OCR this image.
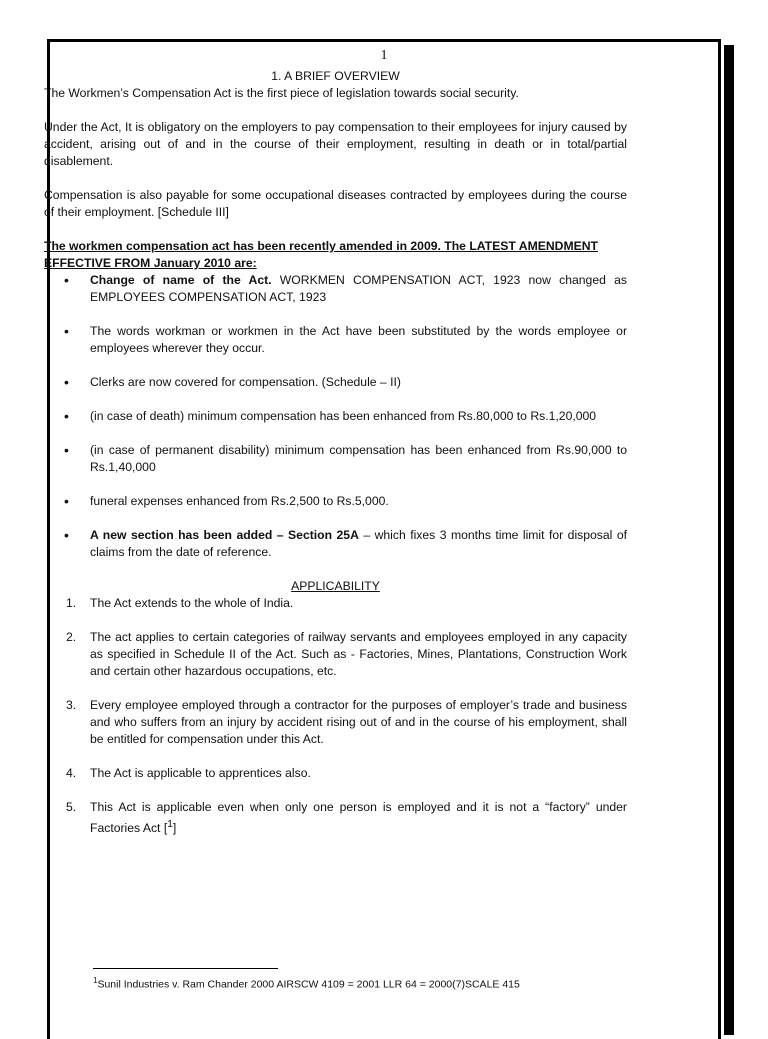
1

1. A BRIEF OVERVIEW

The Workmen’s Compensation Act is the first piece of legislation towards social security.

Under the Act, It is obligatory on the employers to pay compensation to their employees for injury caused by accident, arising out of and in the course of their employment, resulting in death or in total/partial disablement.

Compensation is also payable for some occupational diseases contracted by employees during the course of their employment. [Schedule III]

The workmen compensation act has been recently amended in 2009. The LATEST AMENDMENT EFFECTIVE FROM January 2010 are:

• Change of name of the Act. WORKMEN COMPENSATION ACT, 1923 now changed as EMPLOYEES COMPENSATION ACT, 1923
• The words workman or workmen in the Act have been substituted by the words employee or employees wherever they occur.
• Clerks are now covered for compensation. (Schedule – II)
• (in case of death) minimum compensation has been enhanced from Rs.80,000 to Rs.1,20,000
• (in case of permanent disability) minimum compensation has been enhanced from Rs.90,000 to Rs.1,40,000
• funeral expenses enhanced from Rs.2,500 to Rs.5,000.
• A new section has been added – Section 25A – which fixes 3 months time limit for disposal of claims from the date of reference.

APPLICABILITY

1. The Act extends to the whole of India.
2. The act applies to certain categories of railway servants and employees employed in any capacity as specified in Schedule II of the Act. Such as - Factories, Mines, Plantations, Construction Work and certain other hazardous occupations, etc.
3. Every employee employed through a contractor for the purposes of employer’s trade and business and who suffers from an injury by accident rising out of and in the course of his employment, shall be entitled for compensation under this Act.
4. The Act is applicable to apprentices also.
5. This Act is applicable even when only one person is employed and it is not a “factory” under Factories Act [$^1$]
$^1$Sunil Industries v. Ram Chander 2000 AIRSCW 4109 = 2001 LLR 64 = 2000(7)SCALE 415
